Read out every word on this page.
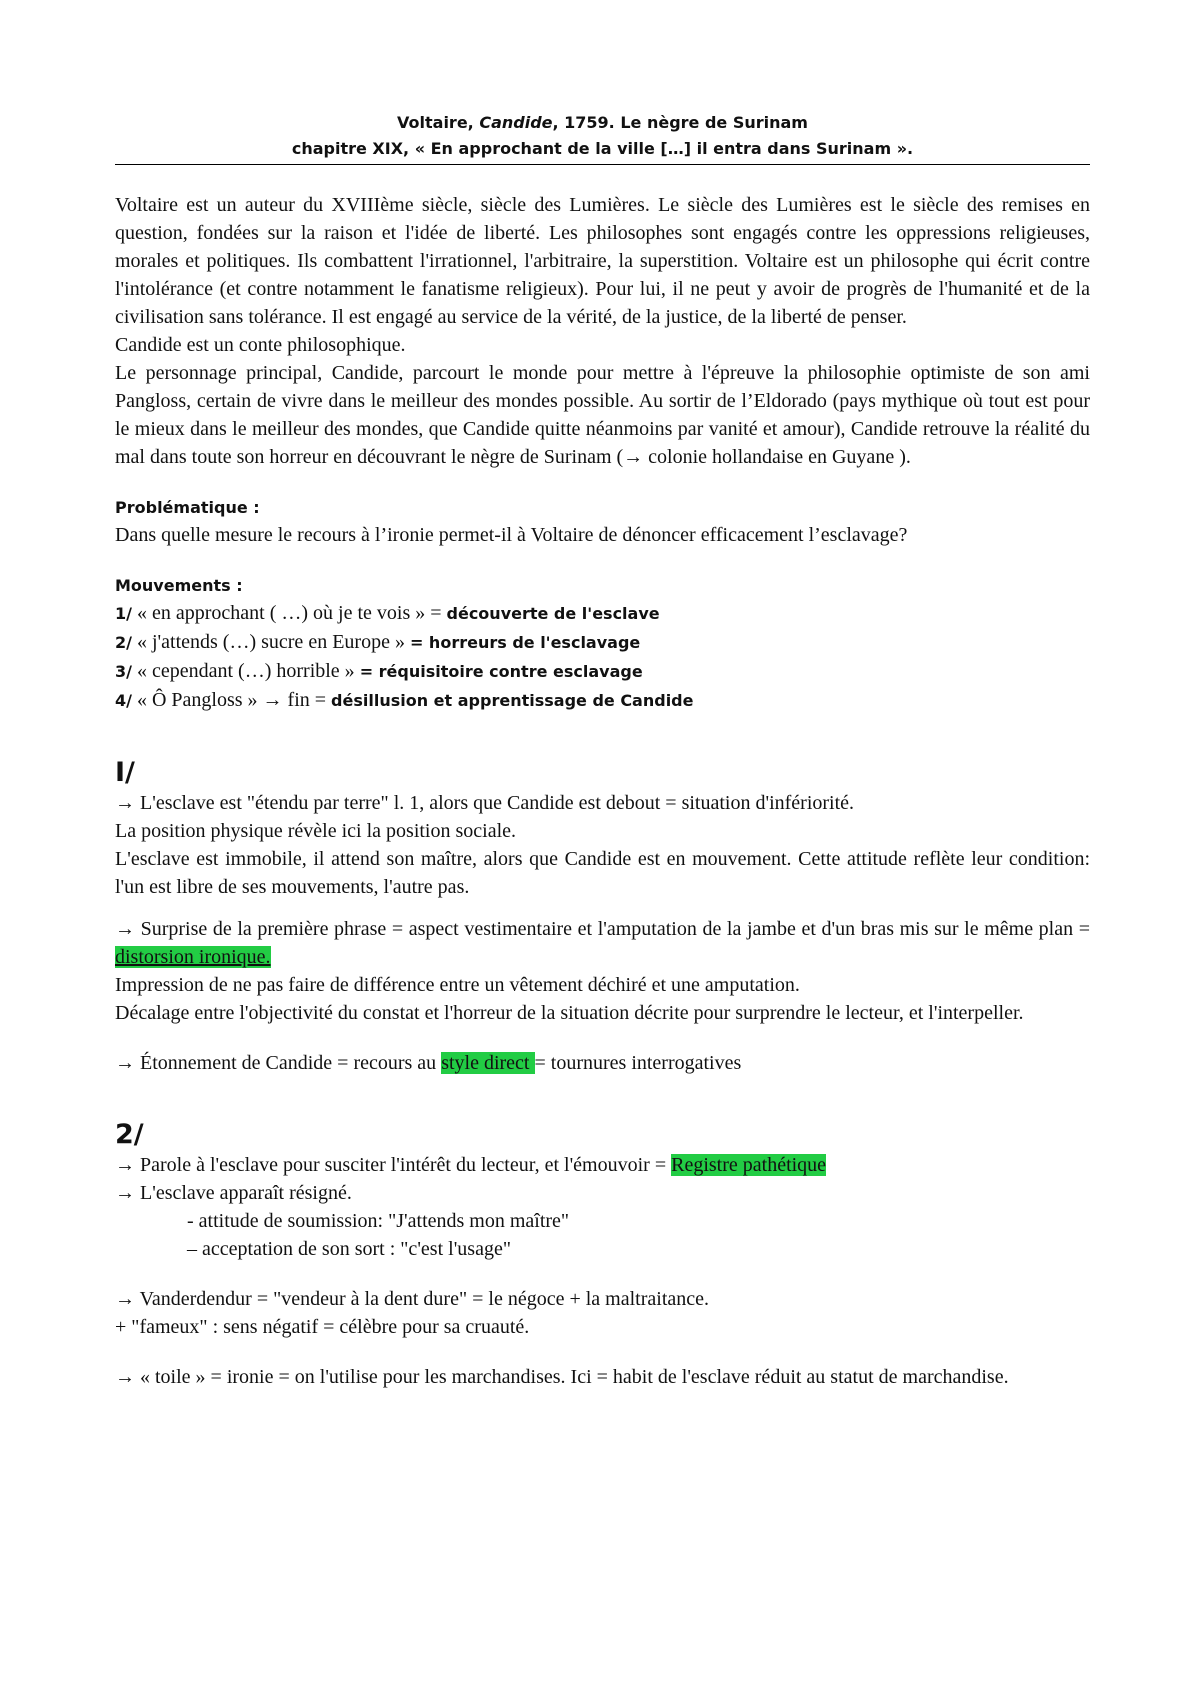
Voltaire, Candide, 1759. Le nègre de Surinam
chapitre XIX, « En approchant de la ville […] il entra dans Surinam ».

Voltaire est un auteur du XVIIIème siècle, siècle des Lumières. Le siècle des Lumières est le siècle des remises en question, fondées sur la raison et l'idée de liberté. Les philosophes sont engagés contre les oppressions religieuses, morales et politiques. Ils combattent l'irrationnel, l'arbitraire, la superstition. Voltaire est un philosophe qui écrit contre l'intolérance (et contre notamment le fanatisme religieux). Pour lui, il ne peut y avoir de progrès de l'humanité et de la civilisation sans tolérance. Il est engagé au service de la vérité, de la justice, de la liberté de penser.

Candide est un conte philosophique.

Le personnage principal, Candide, parcourt le monde pour mettre à l'épreuve la philosophie optimiste de son ami Pangloss, certain de vivre dans le meilleur des mondes possible. Au sortir de l’Eldorado (pays mythique où tout est pour le mieux dans le meilleur des mondes, que Candide quitte néanmoins par vanité et amour), Candide retrouve la réalité du mal dans toute son horreur en découvrant le nègre de Surinam (→ colonie hollandaise en Guyane ).

Problématique :
Dans quelle mesure le recours à l’ironie permet-il à Voltaire de dénoncer efficacement l’esclavage?
Mouvements :
1/ « en approchant ( …) où je te vois » = découverte de l'esclave
2/ « j'attends (…) sucre en Europe » = horreurs de l'esclavage
3/ « cependant (…) horrible » = réquisitoire contre esclavage
4/ « Ô Pangloss » → fin = désillusion et apprentissage de Candide
I/
→ L'esclave est "étendu par terre" l. 1, alors que Candide est debout = situation d'infériorité.
La position physique révèle ici la position sociale.
L'esclave est immobile, il attend son maître, alors que Candide est en mouvement. Cette attitude reflète leur condition: l'un est libre de ses mouvements, l'autre pas.
→ Surprise de la première phrase = aspect vestimentaire et l'amputation de la jambe et d'un bras mis sur le même plan = distorsion ironique.
Impression de ne pas faire de différence entre un vêtement déchiré et une amputation.
Décalage entre l'objectivité du constat et l'horreur de la situation décrite pour surprendre le lecteur, et l'interpeller.
→ Étonnement de Candide = recours au style direct = tournures interrogatives
2/
→ Parole à l'esclave pour susciter l'intérêt du lecteur, et l'émouvoir = Registre pathétique
→ L'esclave apparaît résigné.
- attitude de soumission: "J'attends mon maître"
– acceptation de son sort : "c'est l'usage"
→ Vanderdendur = "vendeur à la dent dure" = le négoce + la maltraitance.
+ "fameux" : sens négatif = célèbre pour sa cruauté.
→ « toile » = ironie = on l'utilise pour les marchandises. Ici = habit de l'esclave réduit au statut de marchandise.
